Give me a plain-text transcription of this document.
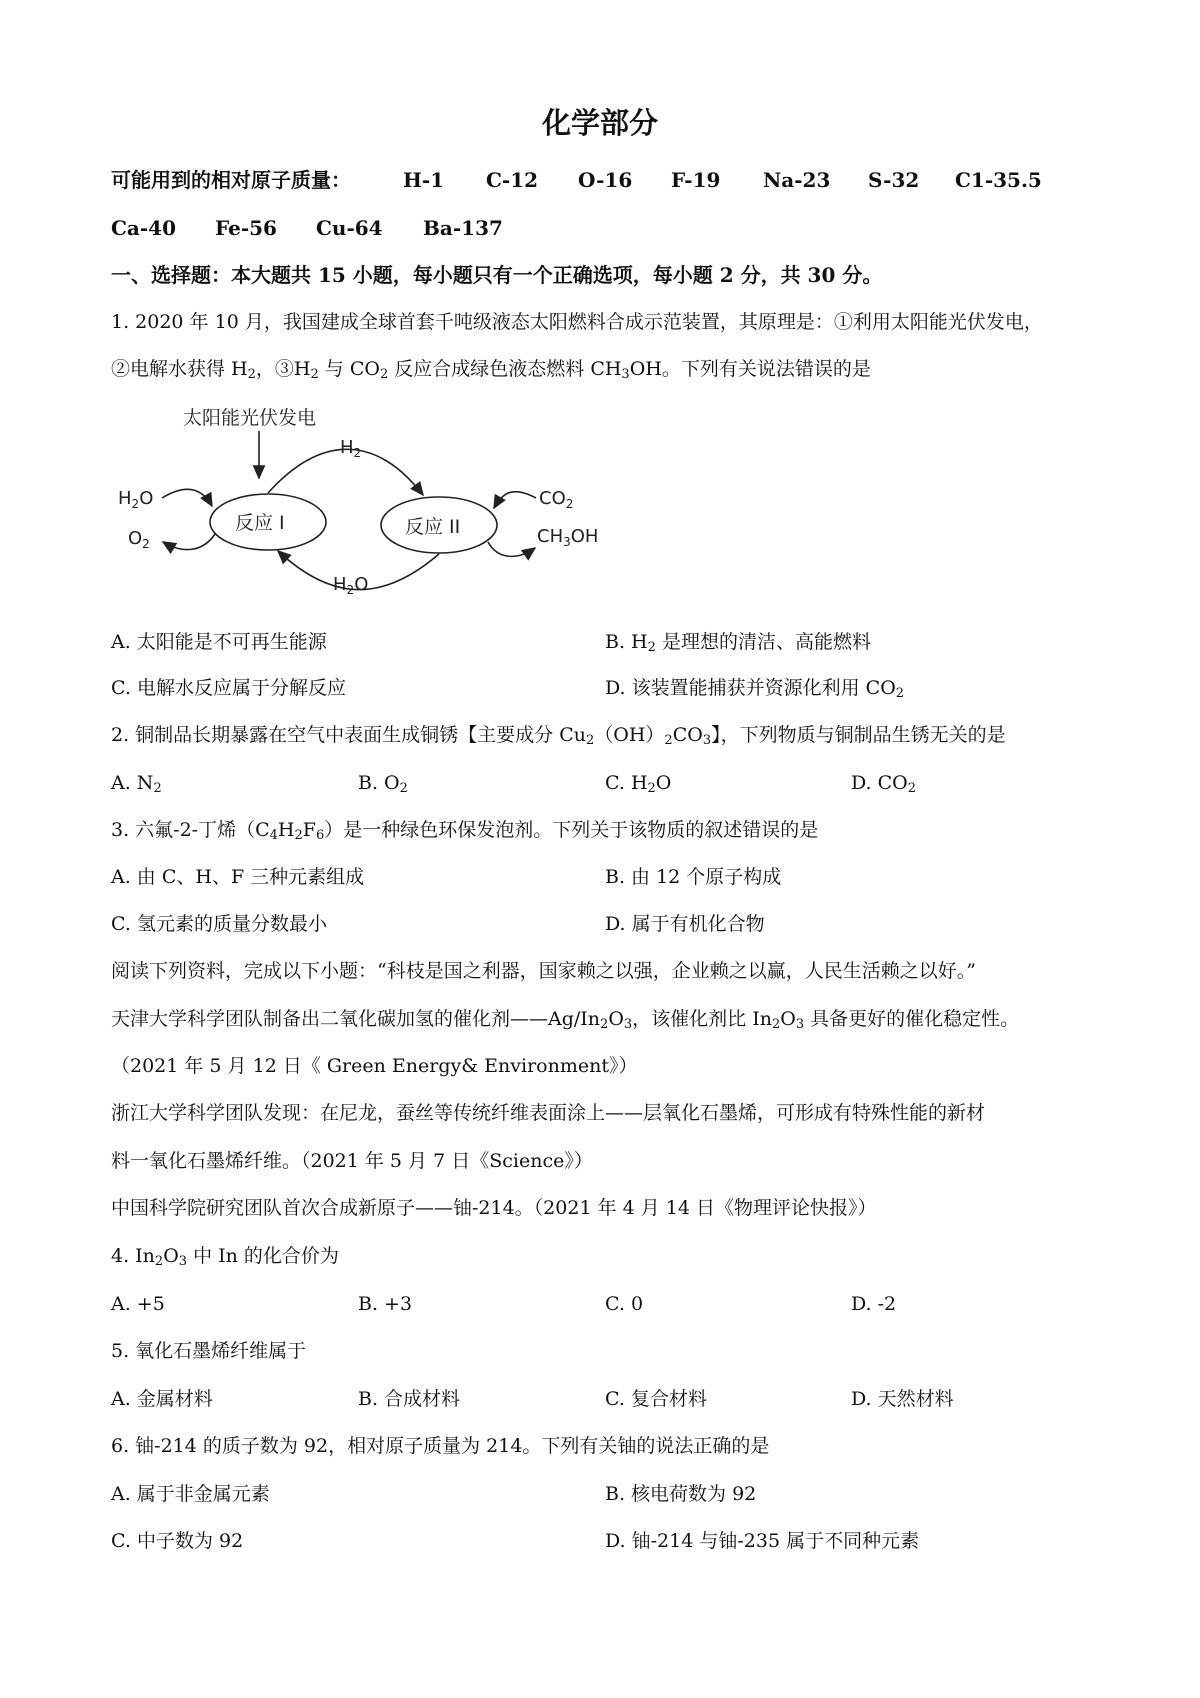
化学部分
可能用到的相对原子质量：	H-1 C-12 O-16 F-19 Na-23 S-32 C1-35.5
Ca-40 Fe-56 Cu-64 Ba-137
一、选择题：本大题共 15 小题，每小题只有一个正确选项，每小题 2 分，共 30 分。
1. 2020 年 10 月，我国建成全球首套千吨级液态太阳燃料合成示范装置，其原理是：①利用太阳能光伏发电，
②电解水获得 $H_2$，$③H_2$ 与 $CO_2$ 反应合成绿色液态燃料 $CH_3OH$。下列有关说法错误的是
太阳能光伏发电
反应 I	反应 II
$H_2$
$H_2O$
$H_2O$
$O_2$
$CO_2$
$CH_3OH$
A. 太阳能是不可再生能源	B. $H_2$ 是理想的清洁、高能燃料
C. 电解水反应属于分解反应	D. 该装置能捕获并资源化利用 $CO_2$
2. 铜制品长期暴露在空气中表面生成铜锈【主要成分 $Cu_2(OH)_2CO_3$】，下列物质与铜制品生锈无关的是
A. $N_2$	B. $O_2$	C. $H_2O$	D. $CO_2$
3. 六氟-2-丁烯$(C_4H_2F_6)$是一种绿色环保发泡剂。下列关于该物质的叙述错误的是
A. 由 C、H、F 三种元素组成	B. 由 12 个原子构成
C. 氢元素的质量分数最小	D. 属于有机化合物
阅读下列资料，完成以下小题：“科枝是国之利器，国家赖之以强，企业赖之以赢，人民生活赖之以好。”
天津大学科学团队制备出二氧化碳加氢的催化剂$——Ag/In_2O_3$，该催化剂比 $In_2O_3$ 具备更好的催化稳定性。
（2021 年 5 月 12 日《 Green Energy& Environment》）
浙江大学科学团队发现：在尼龙，蚕丝等传统纤维表面涂上——层氧化石墨烯，可形成有特殊性能的新材
料一氧化石墨烯纤维。（2021 年 5 月 7 日《Science》）
中国科学院研究团队首次合成新原子——铀-214。（2021 年 4 月 14 日《物理评论快报》）
4. $In_2O_3$ 中 In 的化合价为
A. +5	B. +3	C. 0	D. -2
5. 氧化石墨烯纤维属于
A. 金属材料	B. 合成材料	C. 复合材料	D. 天然材料
6. 铀-214 的质子数为 92，相对原子质量为 214。下列有关铀的说法正确的是
A. 属于非金属元素	B. 核电荷数为 92
C. 中子数为 92	D. 铀-214 与铀-235 属于不同种元素
